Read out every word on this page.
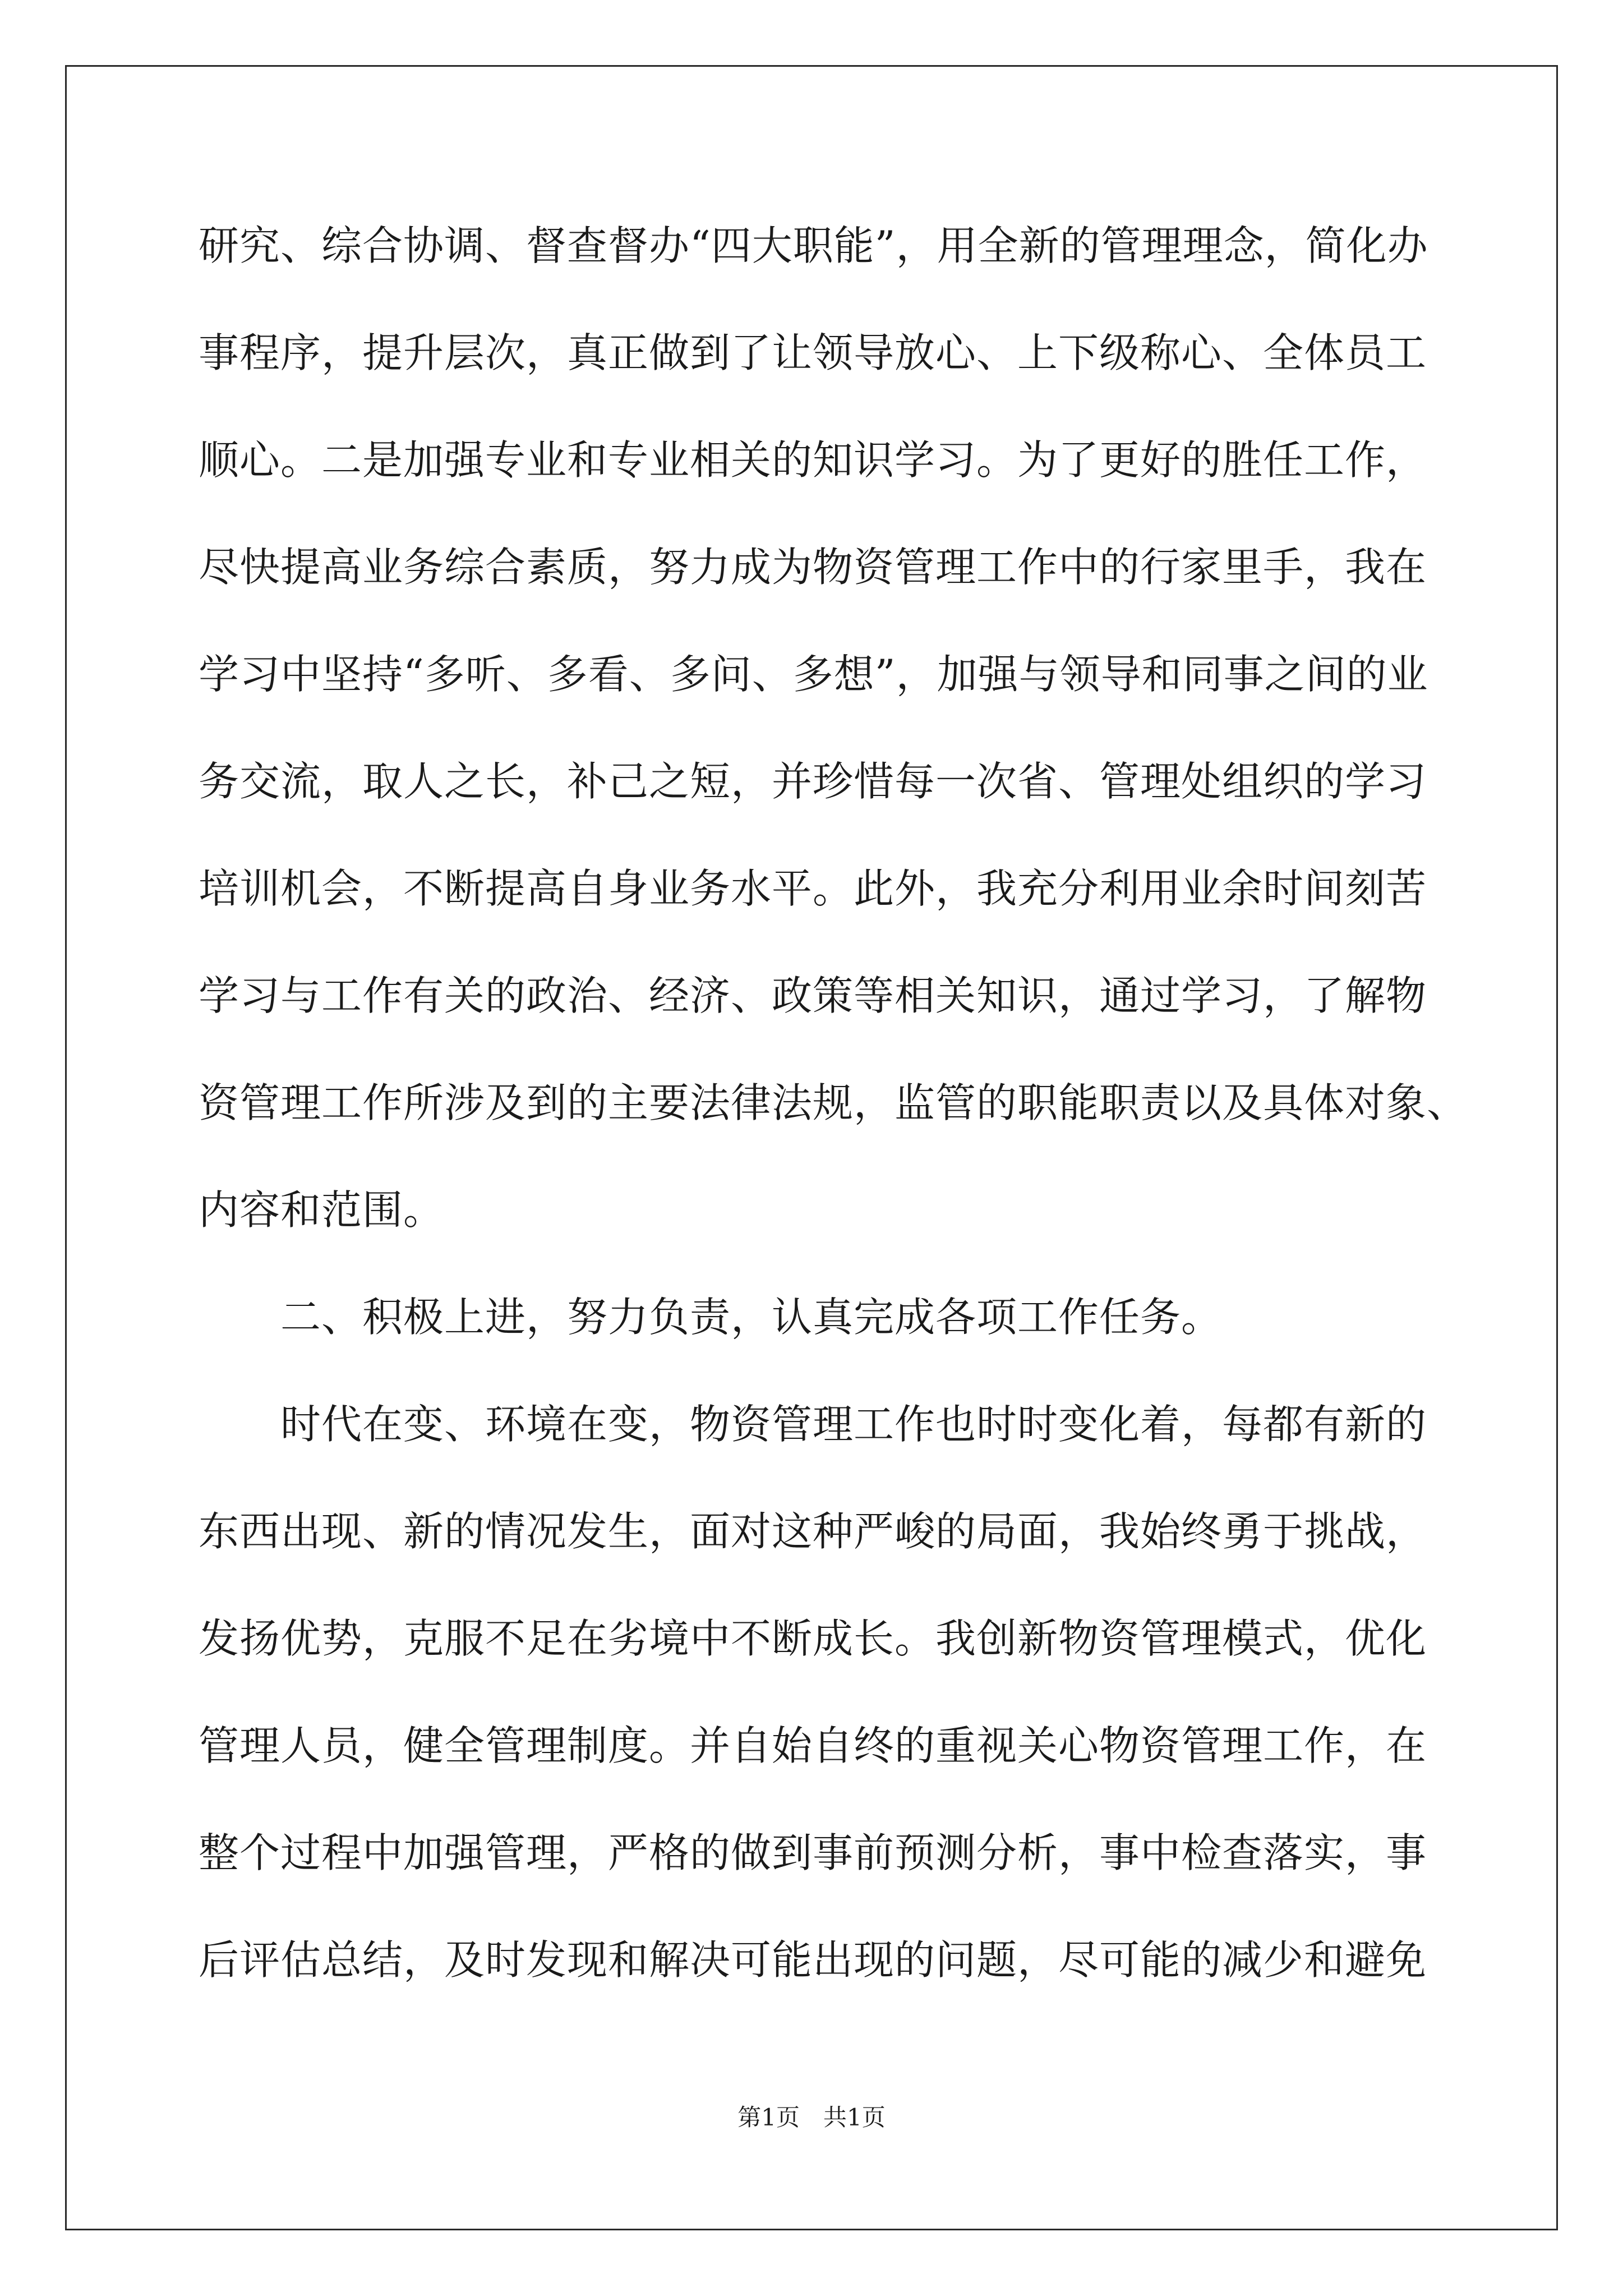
研究、综合协调、督查督办“四大职能”，用全新的管理理念，简化办
事程序，提升层次，真正做到了让领导放心、上下级称心、全体员工
顺心。二是加强专业和专业相关的知识学习。为了更好的胜任工作，
尽快提高业务综合素质，努力成为物资管理工作中的行家里手，我在
学习中坚持“多听、多看、多问、多想”，加强与领导和同事之间的业
务交流，取人之长，补己之短，并珍惜每一次省、管理处组织的学习
培训机会，不断提高自身业务水平。此外，我充分利用业余时间刻苦
学习与工作有关的政治、经济、政策等相关知识，通过学习，了解物
资管理工作所涉及到的主要法律法规，监管的职能职责以及具体对象、
内容和范围。
　　二、积极上进，努力负责，认真完成各项工作任务。
　　时代在变、环境在变，物资管理工作也时时变化着，每都有新的
东西出现、新的情况发生，面对这种严峻的局面，我始终勇于挑战，
发扬优势，克服不足在劣境中不断成长。我创新物资管理模式，优化
管理人员，健全管理制度。并自始自终的重视关心物资管理工作，在
整个过程中加强管理，严格的做到事前预测分析，事中检查落实，事
后评估总结，及时发现和解决可能出现的问题，尽可能的减少和避免
第1页　共1页
